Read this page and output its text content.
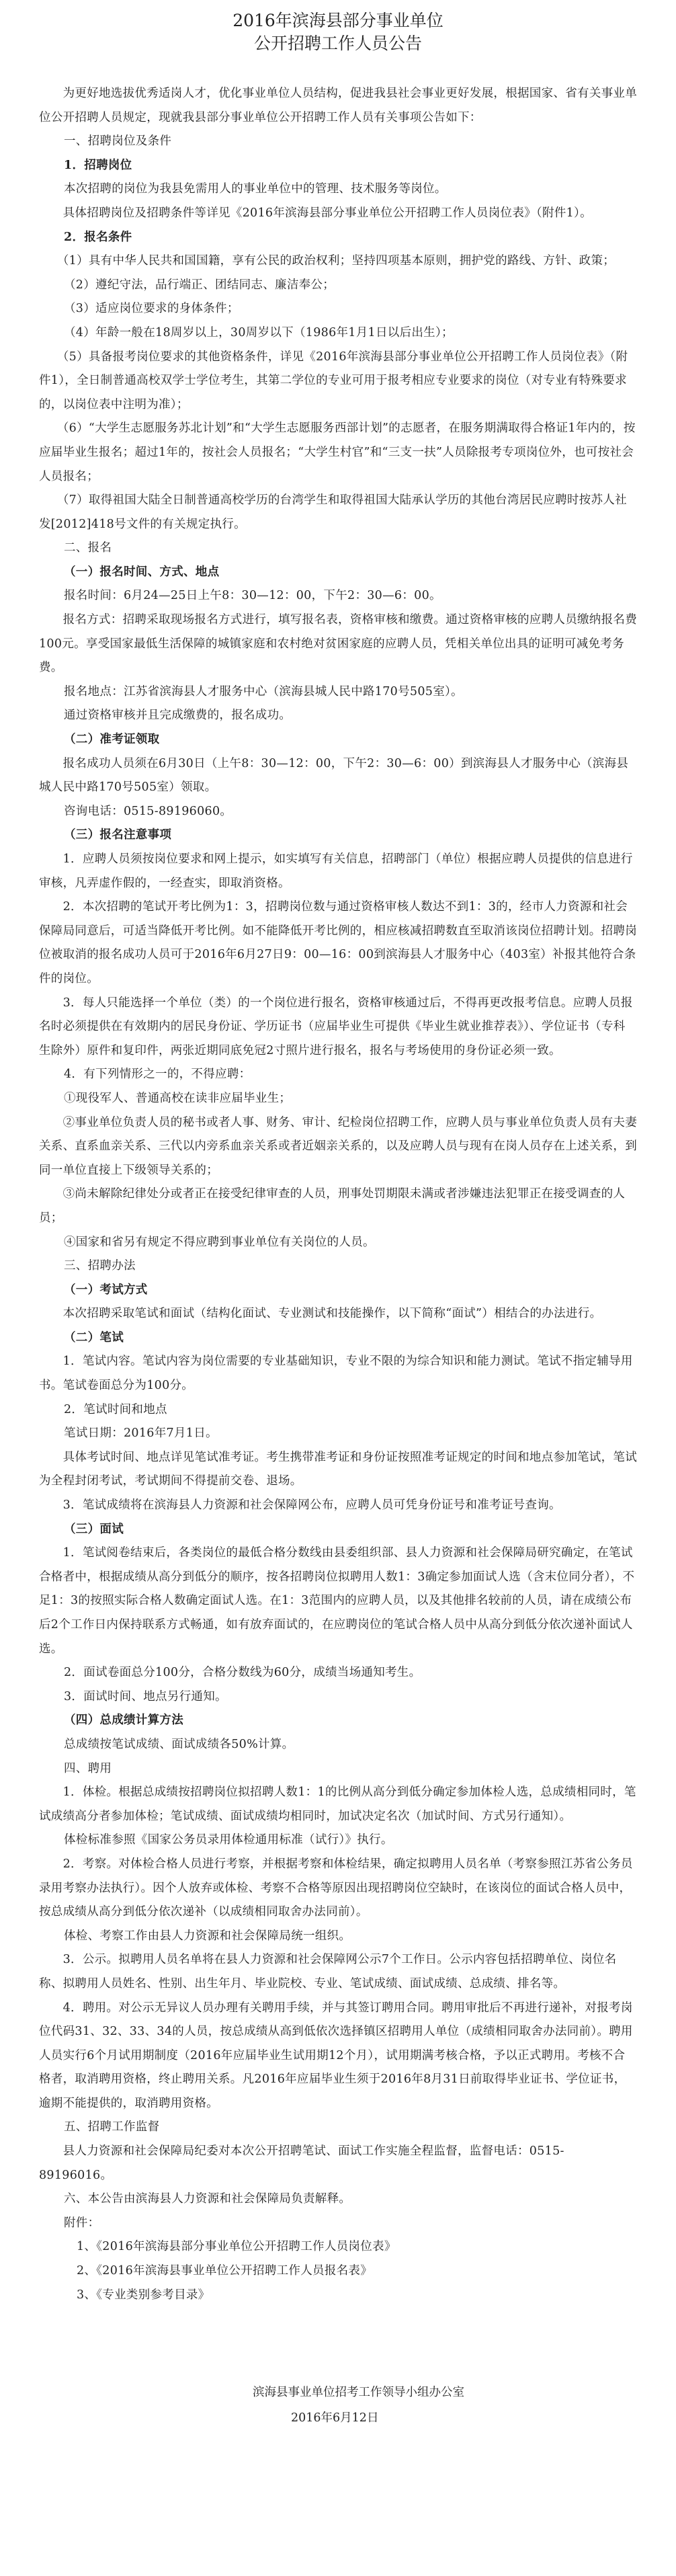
2016年滨海县部分事业单位

公开招聘工作人员公告

　　为更好地选拔优秀适岗人才，优化事业单位人员结构，促进我县社会事业更好发展，根据国家、省有关事业单位公开招聘人员规定，现就我县部分事业单位公开招聘工作人员有关事项公告如下：

一、招聘岗位及条件

1．招聘岗位

本次招聘的岗位为我县免需用人的事业单位中的管理、技术服务等岗位。

　　具体招聘岗位及招聘条件等详见《2016年滨海县部分事业单位公开招聘工作人员岗位表》（附件1）。

2．报名条件

　　（1）具有中华人民共和国国籍，享有公民的政治权利；坚持四项基本原则，拥护党的路线、方针、政策；

（2）遵纪守法，品行端正、团结同志、廉洁奉公；

（3）适应岗位要求的身体条件；

（4）年龄一般在18周岁以上，30周岁以下（1986年1月1日以后出生）；

　　（5）具备报考岗位要求的其他资格条件，详见《2016年滨海县部分事业单位公开招聘工作人员岗位表》（附件1），全日制普通高校双学士学位考生，其第二学位的专业可用于报考相应专业要求的岗位（对专业有特殊要求的，以岗位表中注明为准）；

　　（6）“大学生志愿服务苏北计划”和“大学生志愿服务西部计划”的志愿者，在服务期满取得合格证1年内的，按应届毕业生报名；超过1年的，按社会人员报名；“大学生村官”和“三支一扶”人员除报考专项岗位外，也可按社会人员报名；

　　（7）取得祖国大陆全日制普通高校学历的台湾学生和取得祖国大陆承认学历的其他台湾居民应聘时按苏人社发[2012]418号文件的有关规定执行。

二、报名

（一）报名时间、方式、地点

报名时间：6月24—25日上午8：30—12：00，下午2：30—6：00。

　　报名方式：招聘采取现场报名方式进行，填写报名表，资格审核和缴费。通过资格审核的应聘人员缴纳报名费100元。享受国家最低生活保障的城镇家庭和农村绝对贫困家庭的应聘人员，凭相关单位出具的证明可减免考务费。

报名地点：江苏省滨海县人才服务中心（滨海县城人民中路170号505室）。

通过资格审核并且完成缴费的，报名成功。

（二）准考证领取

　　报名成功人员须在6月30日（上午8：30—12：00，下午2：30—6：00）到滨海县人才服务中心（滨海县城人民中路170号505室）领取。

咨询电话：0515-89196060。

（三）报名注意事项

　　1．应聘人员须按岗位要求和网上提示，如实填写有关信息，招聘部门（单位）根据应聘人员提供的信息进行审核，凡弄虚作假的，一经查实，即取消资格。

　　2．本次招聘的笔试开考比例为1：3，招聘岗位数与通过资格审核人数达不到1：3的，经市人力资源和社会保障局同意后，可适当降低开考比例。如不能降低开考比例的，相应核减招聘数直至取消该岗位招聘计划。招聘岗位被取消的报名成功人员可于2016年6月27日9：00—16：00到滨海县人才服务中心（403室）补报其他符合条件的岗位。

　　3．每人只能选择一个单位（类）的一个岗位进行报名，资格审核通过后，不得再更改报考信息。应聘人员报名时必须提供在有效期内的居民身份证、学历证书（应届毕业生可提供《毕业生就业推荐表》）、学位证书（专科生除外）原件和复印件，两张近期同底免冠2寸照片进行报名，报名与考场使用的身份证必须一致。

4．有下列情形之一的，不得应聘：

①现役军人、普通高校在读非应届毕业生；

　　②事业单位负责人员的秘书或者人事、财务、审计、纪检岗位招聘工作，应聘人员与事业单位负责人员有夫妻关系、直系血亲关系、三代以内旁系血亲关系或者近姻亲关系的，以及应聘人员与现有在岗人员存在上述关系，到同一单位直接上下级领导关系的；

　　③尚未解除纪律处分或者正在接受纪律审查的人员，刑事处罚期限未满或者涉嫌违法犯罪正在接受调查的人员；

④国家和省另有规定不得应聘到事业单位有关岗位的人员。

三、招聘办法

（一）考试方式

　　本次招聘采取笔试和面试（结构化面试、专业测试和技能操作，以下简称“面试”）相结合的办法进行。

（二）笔试

　　1．笔试内容。笔试内容为岗位需要的专业基础知识，专业不限的为综合知识和能力测试。笔试不指定辅导用书。笔试卷面总分为100分。

2．笔试时间和地点

笔试日期：2016年7月1日。

　　具体考试时间、地点详见笔试准考证。考生携带准考证和身份证按照准考证规定的时间和地点参加笔试，笔试为全程封闭考试，考试期间不得提前交卷、退场。

　　3．笔试成绩将在滨海县人力资源和社会保障网公布，应聘人员可凭身份证号和准考证号查询。

（三）面试

　　1．笔试阅卷结束后，各类岗位的最低合格分数线由县委组织部、县人力资源和社会保障局研究确定，在笔试合格者中，根据成绩从高分到低分的顺序，按各招聘岗位拟聘用人数1：3确定参加面试人选（含末位同分者），不足1：3的按照实际合格人数确定面试人选。在1：3范围内的应聘人员，以及其他排名较前的人员，请在成绩公布后2个工作日内保持联系方式畅通，如有放弃面试的，在应聘岗位的笔试合格人员中从高分到低分依次递补面试人选。

2．面试卷面总分100分，合格分数线为60分，成绩当场通知考生。

3．面试时间、地点另行通知。

（四）总成绩计算方法

总成绩按笔试成绩、面试成绩各50%计算。

四、聘用

　　1．体检。根据总成绩按招聘岗位拟招聘人数1：1的比例从高分到低分确定参加体检人选，总成绩相同时，笔试成绩高分者参加体检；笔试成绩、面试成绩均相同时，加试决定名次（加试时间、方式另行通知）。

体检标准参照《国家公务员录用体检通用标准（试行）》执行。

　　2．考察。对体检合格人员进行考察，并根据考察和体检结果，确定拟聘用人员名单（考察参照江苏省公务员录用考察办法执行）。因个人放弃或体检、考察不合格等原因出现招聘岗位空缺时，在该岗位的面试合格人员中，按总成绩从高分到低分依次递补（以成绩相同取舍办法同前）。

体检、考察工作由县人力资源和社会保障局统一组织。

　　3．公示。拟聘用人员名单将在县人力资源和社会保障网公示7个工作日。公示内容包括招聘单位、岗位名称、拟聘用人员姓名、性别、出生年月、毕业院校、专业、笔试成绩、面试成绩、总成绩、排名等。

　　4．聘用。对公示无异议人员办理有关聘用手续，并与其签订聘用合同。聘用审批后不再进行递补，对报考岗位代码31、32、33、34的人员，按总成绩从高到低依次选择镇区招聘用人单位（成绩相同取舍办法同前）。聘用人员实行6个月试用期制度（2016年应届毕业生试用期12个月），试用期满考核合格，予以正式聘用。考核不合格者，取消聘用资格，终止聘用关系。凡2016年应届毕业生须于2016年8月31日前取得毕业证书、学位证书，逾期不能提供的，取消聘用资格。

五、招聘工作监督

　　县人力资源和社会保障局纪委对本次公开招聘笔试、面试工作实施全程监督，监督电话：0515-89196016。

六、本公告由滨海县人力资源和社会保障局负责解释。

附件：

1、《2016年滨海县部分事业单位公开招聘工作人员岗位表》

2、《2016年滨海县事业单位公开招聘工作人员报名表》

3、《专业类别参考目录》

滨海县事业单位招考工作领导小组办公室
2016年6月12日
